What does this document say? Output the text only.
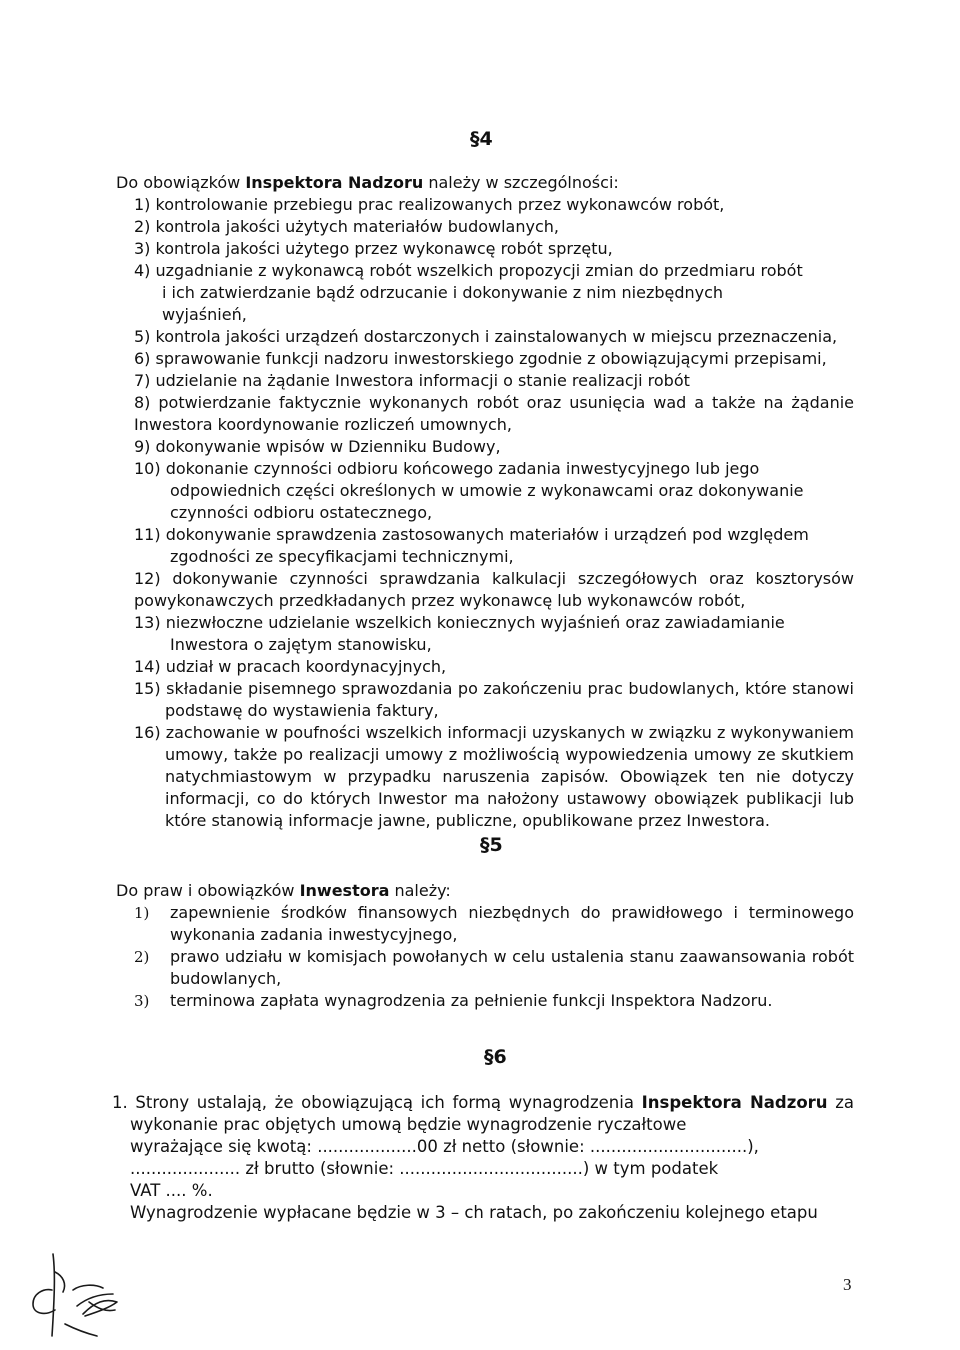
§4
Do obowiązków Inspektora Nadzoru należy w szczególności:
1) kontrolowanie przebiegu prac realizowanych przez wykonawców robót,
2) kontrola jakości użytych materiałów budowlanych,
3) kontrola jakości użytego przez wykonawcę robót sprzętu,
4) uzgadnianie z wykonawcą robót wszelkich propozycji zmian do przedmiaru robót
i ich zatwierdzanie bądź odrzucanie i dokonywanie z nim niezbędnych
wyjaśnień,
5) kontrola jakości urządzeń dostarczonych i zainstalowanych w miejscu przeznaczenia,
6) sprawowanie funkcji nadzoru inwestorskiego zgodnie z obowiązującymi przepisami,
7) udzielanie na żądanie Inwestora informacji o stanie realizacji robót
8) potwierdzanie faktycznie wykonanych robót oraz usunięcia wad a także na żądanie
Inwestora koordynowanie rozliczeń umownych,
9) dokonywanie wpisów w Dzienniku Budowy,
10) dokonanie czynności odbioru końcowego zadania inwestycyjnego lub jego
odpowiednich części określonych w umowie z wykonawcami oraz dokonywanie
czynności odbioru ostatecznego,
11) dokonywanie sprawdzenia zastosowanych materiałów i urządzeń pod względem
zgodności ze specyfikacjami technicznymi,
12) dokonywanie czynności sprawdzania kalkulacji szczegółowych oraz kosztorysów
powykonawczych przedkładanych przez wykonawcę lub wykonawców robót,
13) niezwłoczne udzielanie wszelkich koniecznych wyjaśnień oraz zawiadamianie
Inwestora o zajętym stanowisku,
14) udział w pracach koordynacyjnych,
15) składanie pisemnego sprawozdania po zakończeniu prac budowlanych, które stanowi
podstawę do wystawienia faktury,
16) zachowanie w poufności wszelkich informacji uzyskanych w związku z wykonywaniem
umowy, także po realizacji umowy z możliwością wypowiedzenia umowy ze skutkiem
natychmiastowym w przypadku naruszenia zapisów. Obowiązek ten nie dotyczy
informacji, co do których Inwestor ma nałożony ustawowy obowiązek publikacji lub
które stanowią informacje jawne, publiczne, opublikowane przez Inwestora.
§5
Do praw i obowiązków Inwestora należy:
1) zapewnienie środków finansowych niezbędnych do prawidłowego i terminowego
wykonania zadania inwestycyjnego,
2) prawo udziału w komisjach powołanych w celu ustalenia stanu zaawansowania robót
budowlanych,
3) terminowa zapłata wynagrodzenia za pełnienie funkcji Inspektora Nadzoru.
§6
1. Strony ustalają, że obowiązującą ich formą wynagrodzenia Inspektora Nadzoru za
wykonanie prac objętych umową będzie wynagrodzenie ryczałtowe
wyrażające się kwotą: ...................00 zł netto (słownie: ..............................),
..................... zł brutto (słownie: ...................................) w tym podatek
VAT .... %.
Wynagrodzenie wypłacane będzie w 3 – ch ratach, po zakończeniu kolejnego etapu
3
